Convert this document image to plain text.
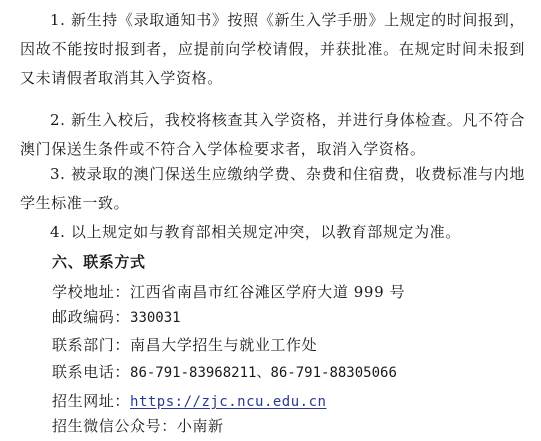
1. 新生持《录取通知书》按照《新生入学手册》上规定的时间报到，因故不能按时报到者，应提前向学校请假，并获批准。在规定时间未报到又未请假者取消其入学资格。

2. 新生入校后，我校将核查其入学资格，并进行身体检查。凡不符合澳门保送生条件或不符合入学体检要求者，取消入学资格。

3. 被录取的澳门保送生应缴纳学费、杂费和住宿费，收费标准与内地学生标准一致。

4. 以上规定如与教育部相关规定冲突，以教育部规定为准。

六、联系方式
学校地址：江西省南昌市红谷滩区学府大道 999 号
邮政编码：330031
联系部门：南昌大学招生与就业工作处
联系电话：86-791-83968211、86-791-88305066
招生网址：https://zjc.ncu.edu.cn
招生微信公众号：小南新
